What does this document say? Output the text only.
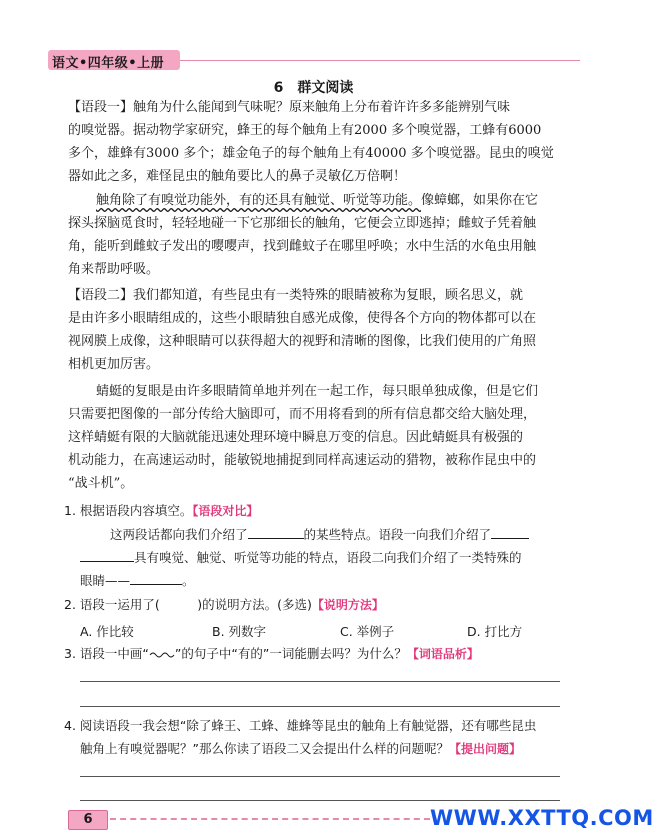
语文•四年级•上册
6　群文阅读
【语段一】触角为什么能闻到气味呢？原来触角上分布着许许多多能辨别气味
的嗅觉器。据动物学家研究，蜂王的每个触角上有2000 多个嗅觉器，工蜂有6000
多个，雄蜂有3000 多个；雄金龟子的每个触角上有40000 多个嗅觉器。昆虫的嗅觉
器如此之多，难怪昆虫的触角要比人的鼻子灵敏亿万倍啊！
触角除了有嗅觉功能外，有的还具有触觉、听觉等功能。像蟑螂，如果你在它
探头探脑觅食时，轻轻地碰一下它那细长的触角，它便会立即逃掉；雌蚊子凭着触
角，能听到雌蚊子发出的嘤嘤声，找到雌蚊子在哪里呼唤；水中生活的水龟虫用触
角来帮助呼吸。
【语段二】我们都知道，有些昆虫有一类特殊的眼睛被称为复眼，顾名思义，就
是由许多小眼睛组成的，这些小眼睛独自感光成像，使得各个方向的物体都可以在
视网膜上成像，这种眼睛可以获得超大的视野和清晰的图像，比我们使用的广角照
相机更加厉害。
蜻蜓的复眼是由许多眼睛简单地并列在一起工作，每只眼单独成像，但是它们
只需要把图像的一部分传给大脑即可，而不用将看到的所有信息都交给大脑处理，
这样蜻蜓有限的大脑就能迅速处理环境中瞬息万变的信息。因此蜻蜓具有极强的
机动能力，在高速运动时，能敏锐地捕捉到同样高速运动的猎物，被称作昆虫中的
“战斗机”。
1. 根据语段内容填空。【语段对比】
这两段话都向我们介绍了	的某些特点。语段一向我们介绍了
具有嗅觉、触觉、听觉等功能的特点，语段二向我们介绍了一类特殊的
眼睛——	。
2. 语段一运用了(　　　)的说明方法。(多选)【说明方法】
A. 作比较	B. 列数字	C. 举例子	D. 打比方
3. 语段一中画“ ”的句子中“有的”一词能删去吗？为什么？【词语品析】
4. 阅读语段一我会想“除了蜂王、工蜂、雄蜂等昆虫的触角上有触觉器，还有哪些昆虫
触角上有嗅觉器呢？”那么你读了语段二又会提出什么样的问题呢？【提出问题】
6	WWW.XXTTQ.COM
